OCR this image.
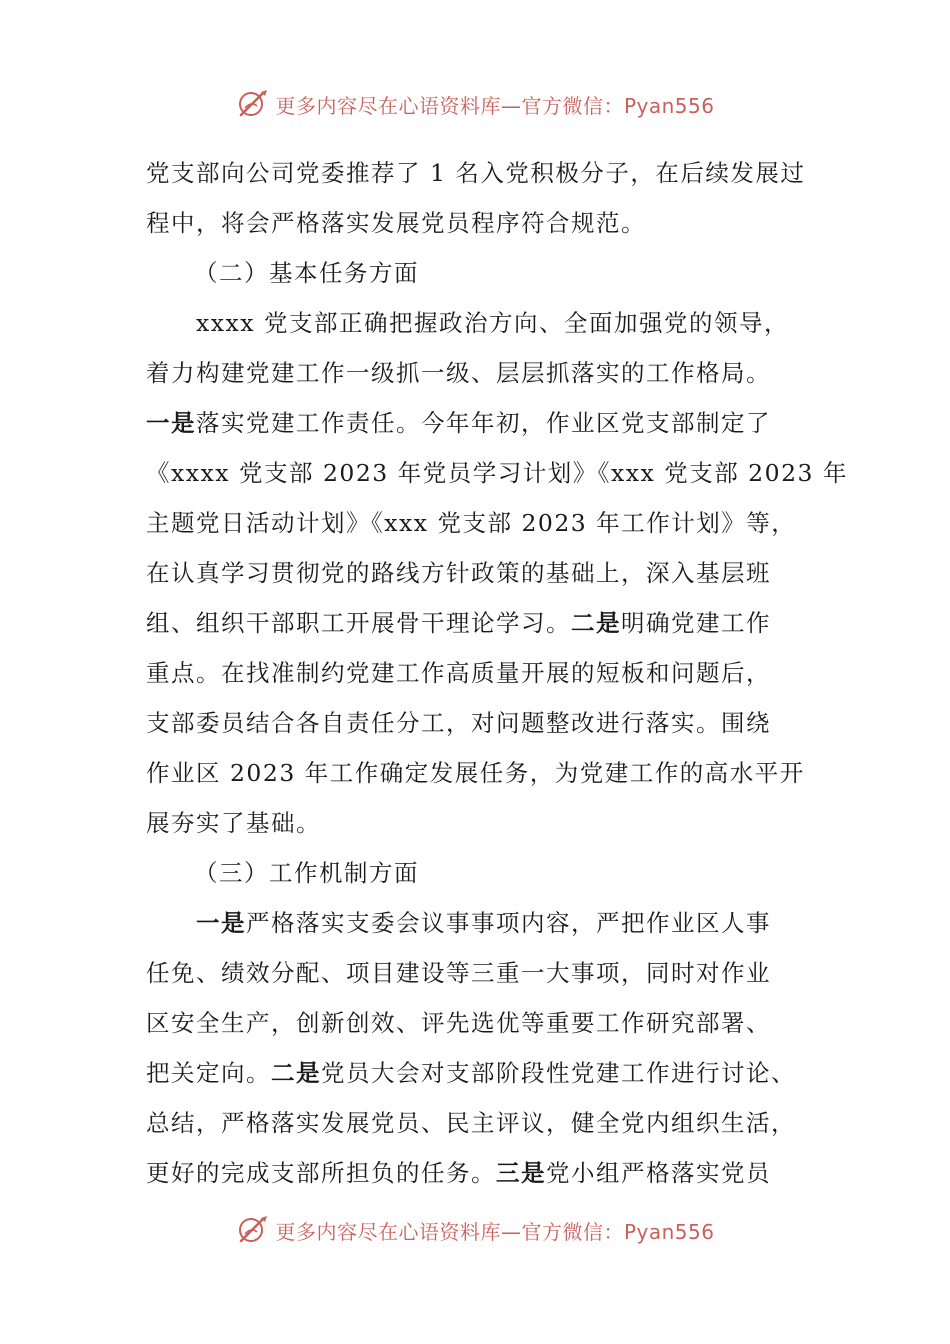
更多内容尽在心语资料库—官方微信：Pyan556
党支部向公司党委推荐了 1 名入党积极分子，在后续发展过
程中，将会严格落实发展党员程序符合规范。
（二）基本任务方面
xxxx 党支部正确把握政治方向、全面加强党的领导，
着力构建党建工作一级抓一级、层层抓落实的工作格局。
一是落实党建工作责任。今年年初，作业区党支部制定了
《xxxx 党支部 2023 年党员学习计划》《xxx 党支部 2023 年
主题党日活动计划》《xxx 党支部 2023 年工作计划》等，
在认真学习贯彻党的路线方针政策的基础上，深入基层班
组、组织干部职工开展骨干理论学习。二是明确党建工作
重点。在找准制约党建工作高质量开展的短板和问题后，
支部委员结合各自责任分工，对问题整改进行落实。围绕
作业区 2023 年工作确定发展任务，为党建工作的高水平开
展夯实了基础。
（三）工作机制方面
一是严格落实支委会议事事项内容，严把作业区人事
任免、绩效分配、项目建设等三重一大事项，同时对作业
区安全生产，创新创效、评先选优等重要工作研究部署、
把关定向。二是党员大会对支部阶段性党建工作进行讨论、
总结，严格落实发展党员、民主评议，健全党内组织生活，
更好的完成支部所担负的任务。三是党小组严格落实党员
更多内容尽在心语资料库—官方微信：Pyan556
